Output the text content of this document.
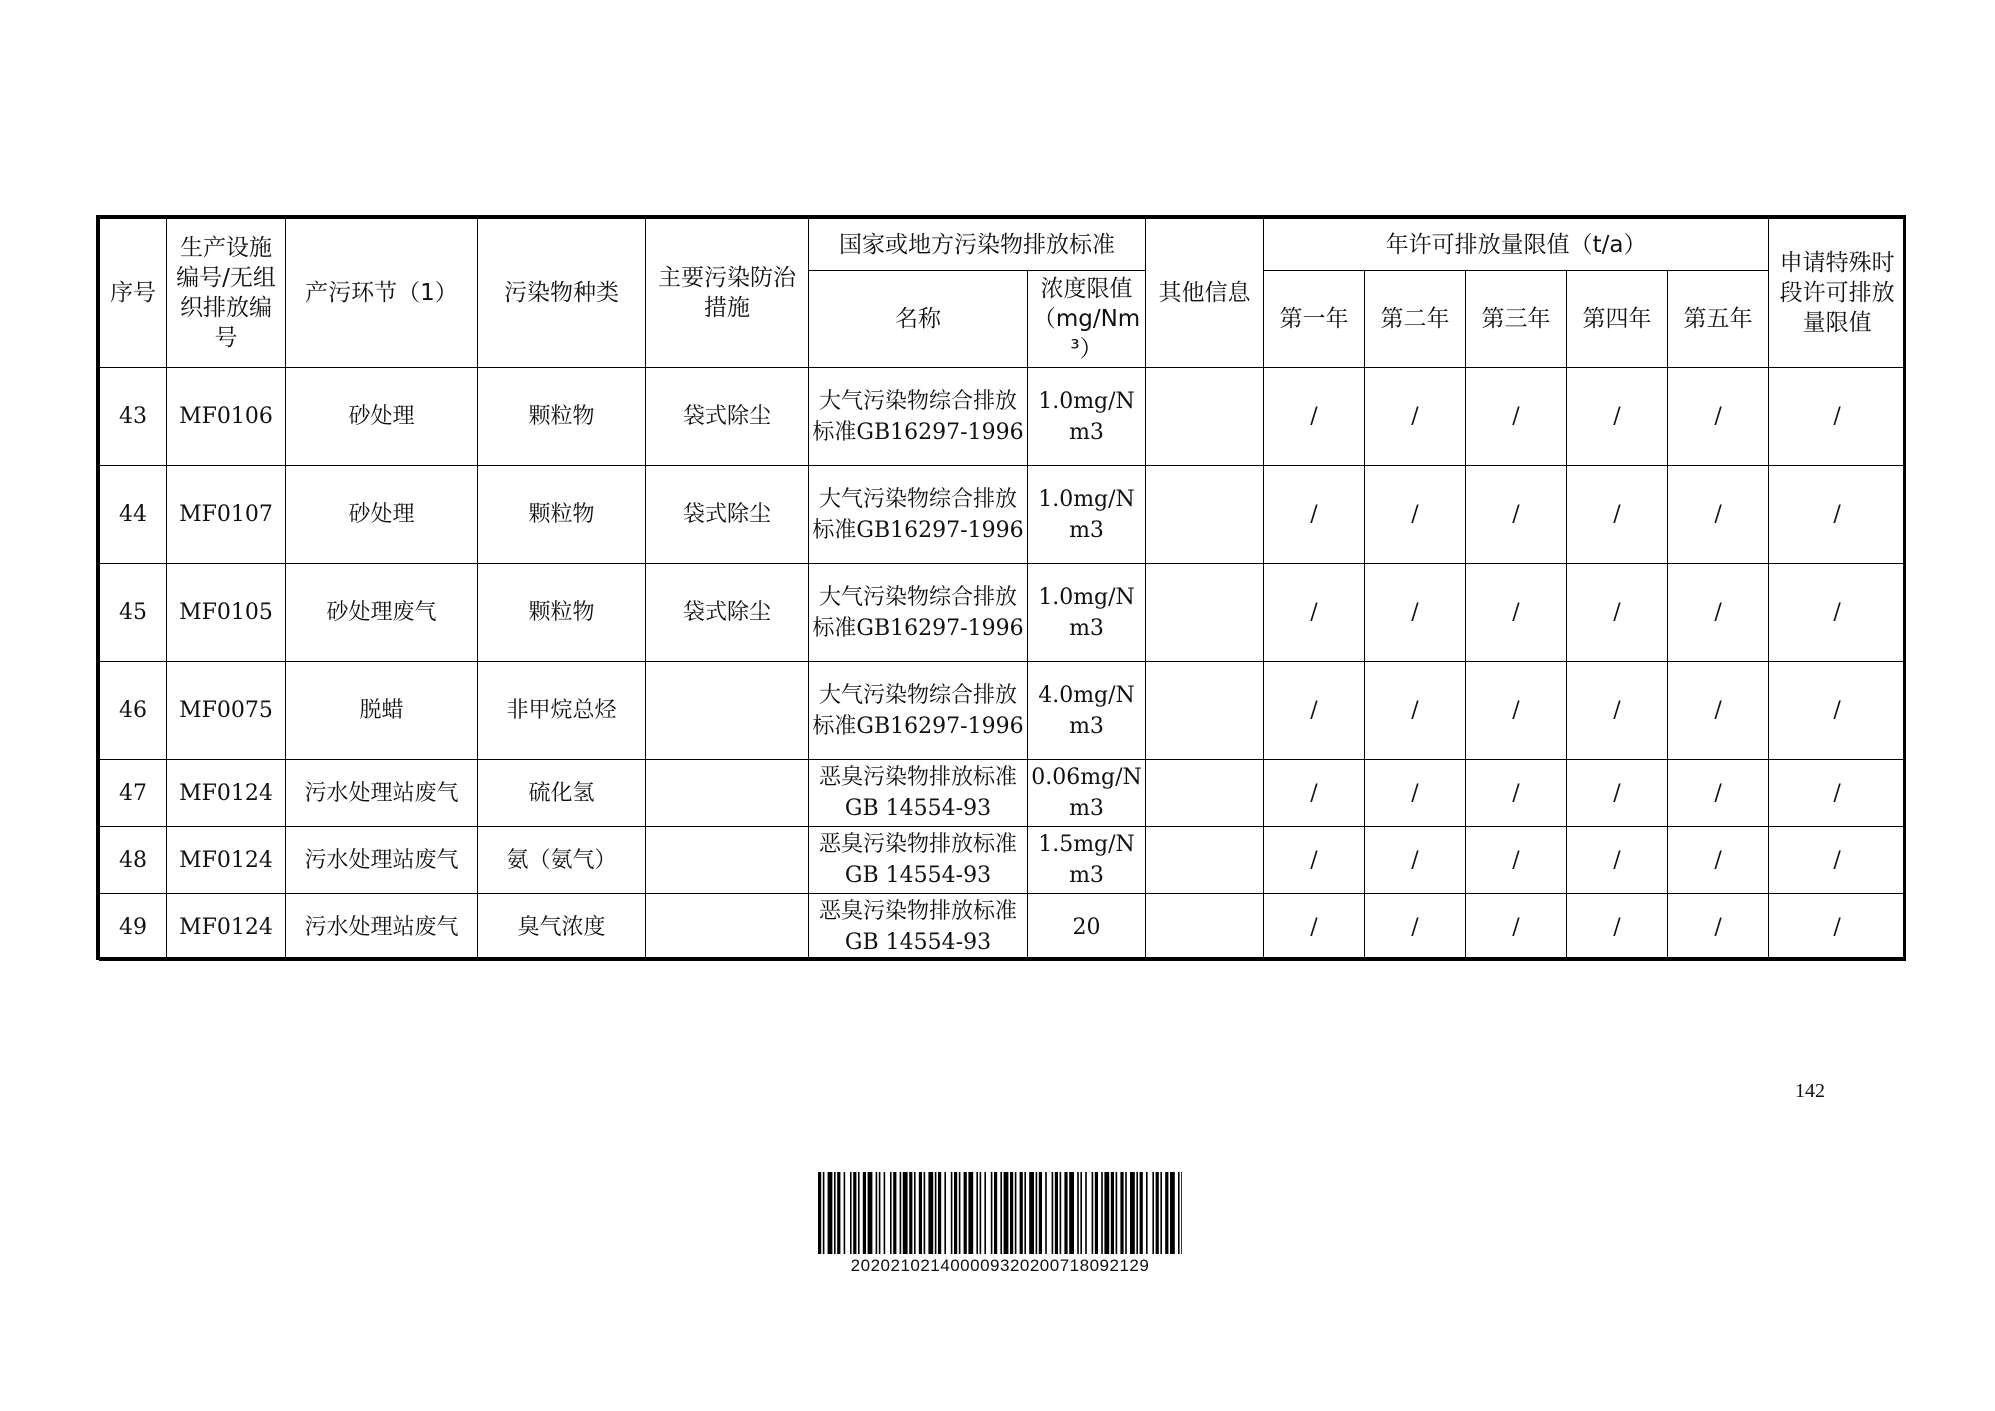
序号	生产设施编号/无组织排放编号	产污环节（1）	污染物种类	主要污染防治措施	国家或地方污染物排放标准		其他信息	年许可排放量限值（t/a）					申请特殊时段许可排放量限值
					名称	浓度限值（mg/Nm³）		第一年	第二年	第三年	第四年	第五年	
43	MF0106	砂处理	颗粒物	袋式除尘	大气污染物综合排放标准GB16297-1996	1.0mg/Nm3		/	/	/	/	/	/
44	MF0107	砂处理	颗粒物	袋式除尘	大气污染物综合排放标准GB16297-1996	1.0mg/Nm3		/	/	/	/	/	/
45	MF0105	砂处理废气	颗粒物	袋式除尘	大气污染物综合排放标准GB16297-1996	1.0mg/Nm3		/	/	/	/	/	/
46	MF0075	脱蜡	非甲烷总烃		大气污染物综合排放标准GB16297-1996	4.0mg/Nm3		/	/	/	/	/	/
47	MF0124	污水处理站废气	硫化氢		恶臭污染物排放标准GB 14554-93	0.06mg/Nm3		/	/	/	/	/	/
48	MF0124	污水处理站废气	氨（氨气）		恶臭污染物排放标准GB 14554-93	1.5mg/Nm3		/	/	/	/	/	/
49	MF0124	污水处理站废气	臭气浓度		恶臭污染物排放标准GB 14554-93	20		/	/	/	/	/	/
142
20202102140000932020071809212​9
